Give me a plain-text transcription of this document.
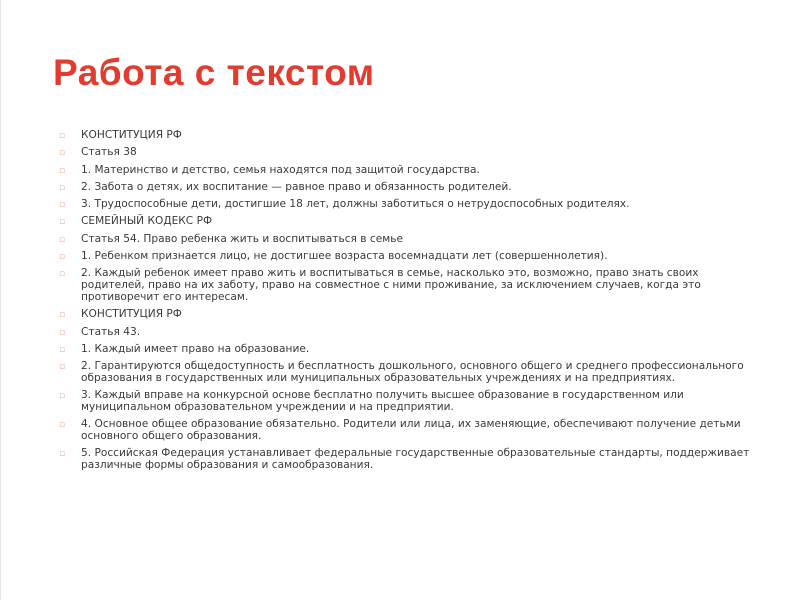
Работа с текстом
▫ КОНСТИТУЦИЯ РФ
▫ Статья 38
▫ 1. Материнство и детство, семья находятся под защитой государства.
▫ 2. Забота о детях, их воспитание — равное право и обязанность родителей.
▫ 3. Трудоспособные дети, достигшие 18 лет, должны заботиться о нетрудоспособных родителях.
▫ СЕМЕЙНЫЙ КОДЕКС РФ
▫ Статья 54. Право ребенка жить и воспитываться в семье
▫ 1. Ребенком признается лицо, не достигшее возраста восемнадцати лет (совершеннолетия).
▫ 2. Каждый ребенок имеет право жить и воспитываться в семье, насколько это, возможно, право знать своих родителей, право на их заботу, право на совместное с ними проживание, за исключением случаев, когда это противоречит его интересам.
▫ КОНСТИТУЦИЯ РФ
▫ Статья 43.
▫ 1. Каждый имеет право на образование.
▫ 2. Гарантируются общедоступность и бесплатность дошкольного, основного общего и среднего профессионального образования в государственных или муниципальных образовательных учреждениях и на предприятиях.
▫ 3. Каждый вправе на конкурсной основе бесплатно получить высшее образование в государственном или муниципальном образовательном учреждении и на предприятии.
▫ 4. Основное общее образование обязательно. Родители или лица, их заменяющие, обеспечивают получение детьми основного общего образования.
▫ 5. Российская Федерация устанавливает федеральные государственные образовательные стандарты, поддерживает различные формы образования и самообразования.
